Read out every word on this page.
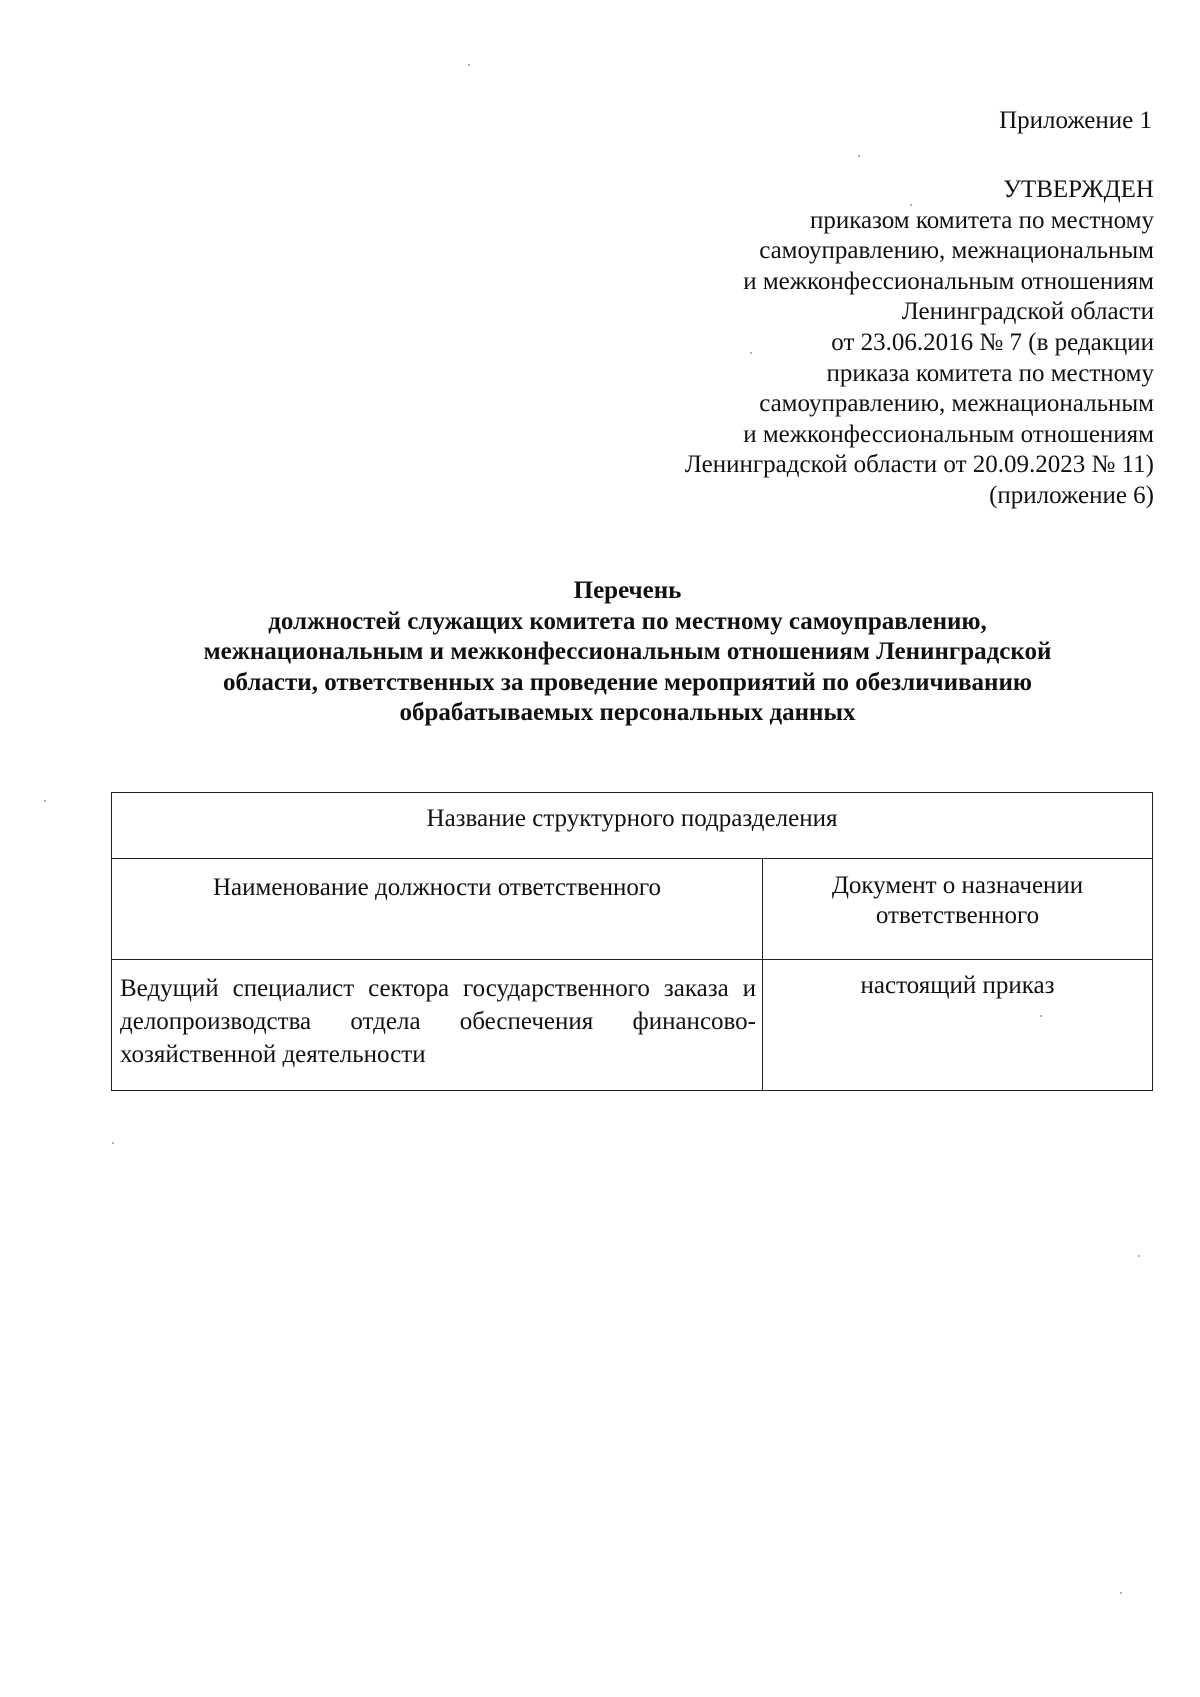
Приложение 1
УТВЕРЖДЕН
приказом комитета по местному
самоуправлению, межнациональным
и межконфессиональным отношениям
Ленинградской области
от 23.06.2016 № 7 (в редакции
приказа комитета по местному
самоуправлению, межнациональным
и межконфессиональным отношениям
Ленинградской области от 20.09.2023 № 11)
(приложение 6)
Перечень
должностей служащих комитета по местному самоуправлению,
межнациональным и межконфессиональным отношениям Ленинградской
области, ответственных за проведение мероприятий по обезличиванию
обрабатываемых персональных данных
Название структурного подразделения	
Наименование должности ответственного	Документ о назначении ответственного
Ведущий специалист сектора государственного заказа и делопроизводства отдела обеспечения финансово-хозяйственной деятельности	настоящий приказ
